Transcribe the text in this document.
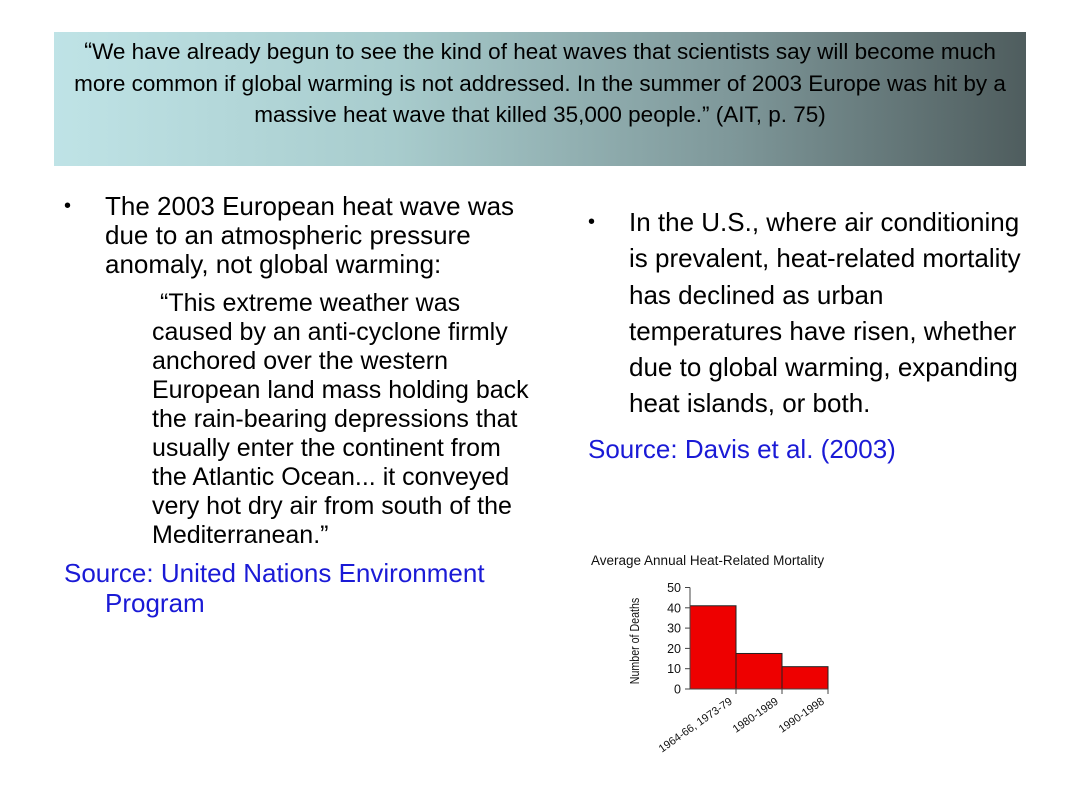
“We have already begun to see the kind of heat waves that scientists say will become much more common if global warming is not addressed. In the summer of 2003 Europe was hit by a massive heat wave that killed 35,000 people.” (AIT, p. 75)
• The 2003 European heat wave was due to an atmospheric pressure anomaly, not global warming:
“This extreme weather was caused by an anti-cyclone firmly anchored over the western European land mass holding back the rain-bearing depressions that usually enter the continent from the Atlantic Ocean... it conveyed very hot dry air from south of the Mediterranean.”
Source: United Nations Environment Program
• In the U.S., where air conditioning is prevalent, heat-related mortality has declined as urban temperatures have risen, whether due to global warming, expanding heat islands, or both.
Source: Davis et al. (2003)
Average Annual Heat-Related Mortality
Number of Deaths
0
10
20
30
40
50
1964-66, 1973-79
1980-1989
1990-1998
